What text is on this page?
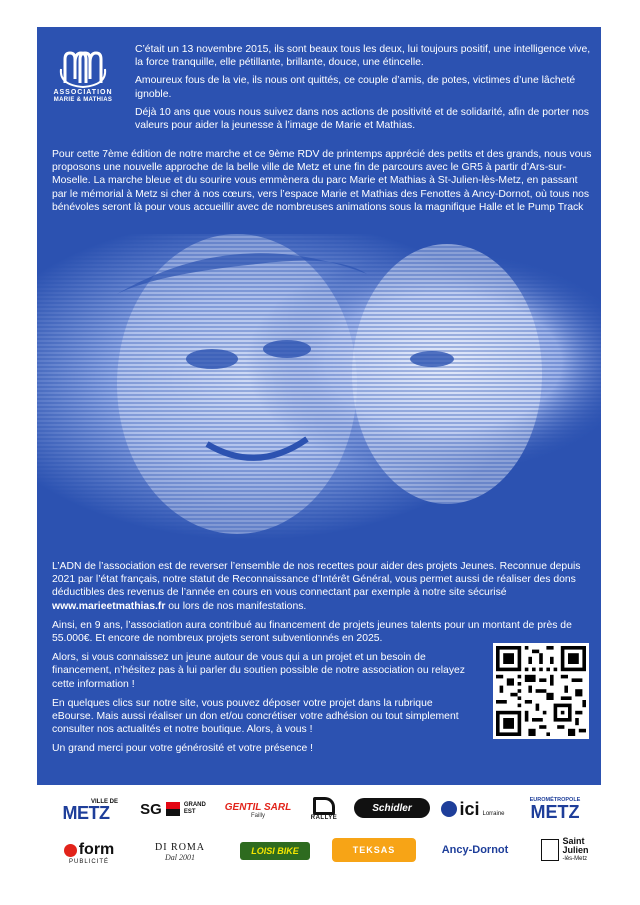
ASSOCIATION
MARIE & MATHIAS

C’était un 13 novembre 2015, ils sont beaux tous les deux, lui toujours positif, une intelligence vive, la force tranquille, elle pétillante, brillante, douce, une étincelle.

Amoureux fous de la vie, ils nous ont quittés, ce couple d’amis, de potes, victimes d’une lâcheté ignoble.

Déjà 10 ans que vous nous suivez dans nos actions de positivité et de solidarité, afin de porter nos valeurs pour aider la jeunesse à l’image de Marie et Mathias.

Pour cette 7ème édition de notre marche et ce 9ème RDV de printemps apprécié des petits et des grands, nous vous proposons une nouvelle approche de la belle ville de Metz et une fin de parcours avec le GR5 à partir d’Ars-sur-Moselle. La marche bleue et du sourire vous emmènera du parc Marie et Mathias à St-Julien-lès-Metz, en passant par le mémorial à Metz si cher à nos cœurs, vers l’espace Marie et Mathias des Fenottes à Ancy-Dornot, où tous nos bénévoles seront là pour vous accueillir avec de nombreuses animations sous la magnifique Halle et le Pump Track

L’ADN de l’association est de reverser l’ensemble de nos recettes pour aider des projets Jeunes. Reconnue depuis 2021 par l’état français, notre statut de Reconnaissance d’Intérêt Général, vous permet aussi de réaliser des dons déductibles des revenus de l’année en cours en vous connectant par exemple à notre site sécurisé www.marieetmathias.fr ou lors de nos manifestations.

Ainsi, en 9 ans, l’association aura contribué au financement de projets jeunes talents pour un montant de près de 55.000€. Et encore de nombreux projets seront subventionnés en 2025.

Alors, si vous connaissez un jeune autour de vous qui a un projet et un besoin de financement, n’hésitez pas à lui parler du soutien possible de notre association ou relayez cette information !

En quelques clics sur notre site, vous pouvez déposer votre projet dans la rubrique eBourse. Mais aussi réaliser un don et/ou concrétiser votre adhésion ou tout simplement consulter nos actualités et notre boutique. Alors, à vous !

Un grand merci pour votre générosité et votre présence !

VILLE DE
METZ SG	GRAND
EST	GENTIL SARL
Failly	RALLYE
Schidler	ici Lorraine
EUROMÉTROPOLE
METZ
form
PUBLICITÉ
DI ROMA
Dal 2001
LOISI BIKE	TEKSAS	Ancy-Dornot
Saint
Julien
-lès-Metz
